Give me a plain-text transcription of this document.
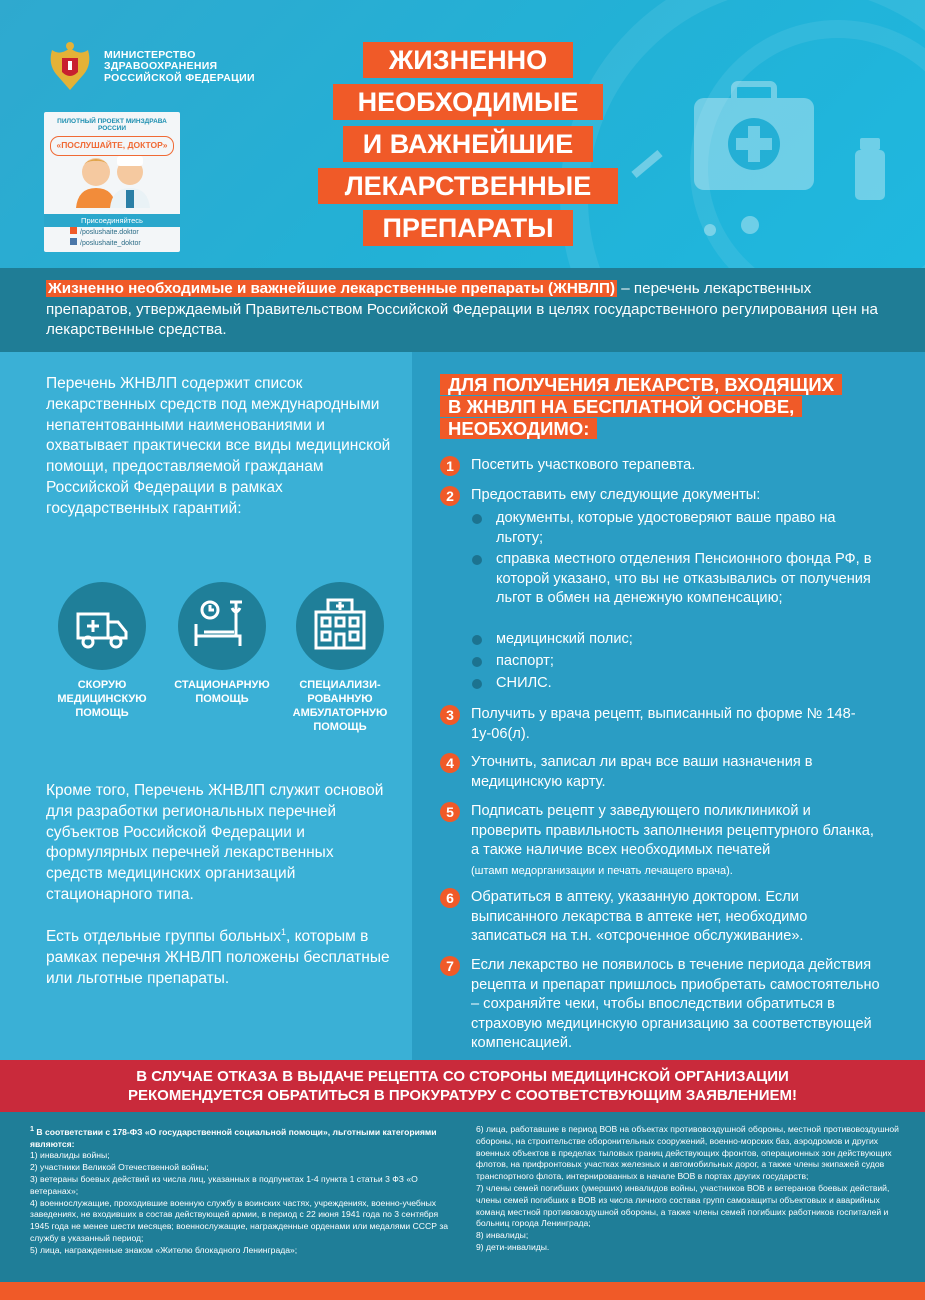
МИНИСТЕРСТВО
ЗДРАВООХРАНЕНИЯ
РОССИЙСКОЙ ФЕДЕРАЦИИ
ПИЛОТНЫЙ ПРОЕКТ МИНЗДРАВА РОССИИ
«ПОСЛУШАЙТЕ, ДОКТОР»
Присоединяйтесь
/poslushaite.doktor
/poslushaite_doktor
ЖИЗНЕННО
НЕОБХОДИМЫЕ
И ВАЖНЕЙШИЕ
ЛЕКАРСТВЕННЫЕ
ПРЕПАРАТЫ
Жизненно необходимые и важнейшие лекарственные препараты (ЖНВЛП) – перечень лекарственных препаратов, утверждаемый Правительством Российской Федерации в целях государственного регулирования цен на лекарственные средства.
Перечень ЖНВЛП содержит список лекарственных средств под международными непатентованными наименованиями и охватывает практически все виды медицинской помощи, предоставляемой гражданам Российской Федерации в рамках государственных гарантий:
СКОРУЮ МЕДИЦИНСКУЮ ПОМОЩЬ
СТАЦИОНАРНУЮ ПОМОЩЬ
СПЕЦИАЛИЗИ-РОВАННУЮ АМБУЛАТОРНУЮ ПОМОЩЬ
Кроме того, Перечень ЖНВЛП служит основой для разработки региональных перечней субъектов Российской Федерации и формулярных перечней лекарственных средств медицинских организаций стационарного типа.
Есть отдельные группы больных$^1$, которым в рамках перечня ЖНВЛП положены бесплатные или льготные препараты.
ДЛЯ ПОЛУЧЕНИЯ ЛЕКАРСТВ, ВХОДЯЩИХ
В ЖНВЛП НА БЕСПЛАТНОЙ ОСНОВЕ,
НЕОБХОДИМО:
1	Посетить участкового терапевта.
2	Предоставить ему следующие документы:
документы, которые удостоверяют ваше право на льготу;
справка местного отделения Пенсионного фонда РФ, в которой указано, что вы не отказывались от получения льгот в обмен на денежную компенсацию;
медицинский полис;
паспорт;
СНИЛС.
3	Получить у врача рецепт, выписанный по форме № 148-1у-06(л).
4	Уточнить, записал ли врач все ваши назначения в медицинскую карту.
5	Подписать рецепт у заведующего поликлиникой и проверить правильность заполнения рецептурного бланка, а также наличие всех необходимых печатей
(штамп медорганизации и печать лечащего врача).
6	Обратиться в аптеку, указанную доктором. Если выписанного лекарства в аптеке нет, необходимо записаться на т.н. «отсроченное обслуживание».
7	Если лекарство не появилось в течение периода действия рецепта и препарат пришлось приобретать самостоятельно – сохраняйте чеки, чтобы впоследствии обратиться в страховую медицинскую организацию за соответствующей компенсацией.
В СЛУЧАЕ ОТКАЗА В ВЫДАЧЕ РЕЦЕПТА СО СТОРОНЫ МЕДИЦИНСКОЙ ОРГАНИЗАЦИИ
РЕКОМЕНДУЕТСЯ ОБРАТИТЬСЯ В ПРОКУРАТУРУ С СООТВЕТСТВУЮЩИМ ЗАЯВЛЕНИЕМ!
$^1$ В соответствии с 178-ФЗ «О государственной социальной помощи», льготными категориями являются:
1) инвалиды войны;
2) участники Великой Отечественной войны;
3) ветераны боевых действий из числа лиц, указанных в подпунктах 1-4 пункта 1 статьи 3 ФЗ «О ветеранах»;
4) военнослужащие, проходившие военную службу в воинских частях, учреждениях, военно-учебных заведениях, не входивших в состав действующей армии, в период с 22 июня 1941 года по 3 сентября 1945 года не менее шести месяцев; военнослужащие, награжденные орденами или медалями СССР за службу в указанный период;
5) лица, награжденные знаком «Жителю блокадного Ленинграда»;
6) лица, работавшие в период ВОВ на объектах противовоздушной обороны, местной противовоздушной обороны, на строительстве оборонительных сооружений, военно-морских баз, аэродромов и других военных объектов в пределах тыловых границ действующих фронтов, операционных зон действующих флотов, на прифронтовых участках железных и автомобильных дорог, а также члены экипажей судов транспортного флота, интернированных в начале ВОВ в портах других государств;
7) члены семей погибших (умерших) инвалидов войны, участников ВОВ и ветеранов боевых действий, члены семей погибших в ВОВ из числа личного состава групп самозащиты объектовых и аварийных команд местной противовоздушной обороны, а также члены семей погибших работников госпиталей и больниц города Ленинграда;
8) инвалиды;
9) дети-инвалиды.
